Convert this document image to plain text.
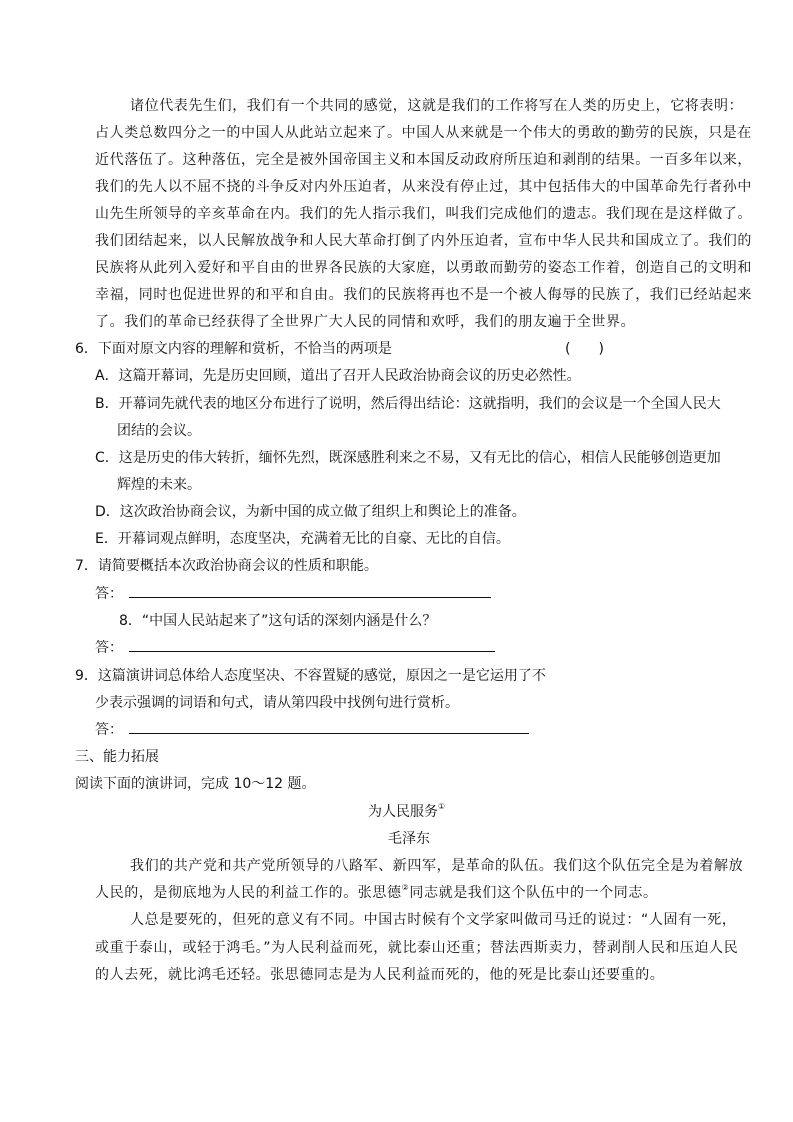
诸位代表先生们，我们有一个共同的感觉，这就是我们的工作将写在人类的历史上，它将表明：
占人类总数四分之一的中国人从此站立起来了。中国人从来就是一个伟大的勇敢的勤劳的民族，只是在
近代落伍了。这种落伍，完全是被外国帝国主义和本国反动政府所压迫和剥削的结果。一百多年以来，
我们的先人以不屈不挠的斗争反对内外压迫者，从来没有停止过，其中包括伟大的中国革命先行者孙中
山先生所领导的辛亥革命在内。我们的先人指示我们，叫我们完成他们的遗志。我们现在是这样做了。
我们团结起来，以人民解放战争和人民大革命打倒了内外压迫者，宣布中华人民共和国成立了。我们的
民族将从此列入爱好和平自由的世界各民族的大家庭，以勇敢而勤劳的姿态工作着，创造自己的文明和
幸福，同时也促进世界的和平和自由。我们的民族将再也不是一个被人侮辱的民族了，我们已经站起来
了。我们的革命已经获得了全世界广大人民的同情和欢呼，我们的朋友遍于全世界。
6．下面对原文内容的理解和赏析，不恰当的两项是	(　　)
A．这篇开幕词，先是历史回顾，道出了召开人民政治协商会议的历史必然性。
B．开幕词先就代表的地区分布进行了说明，然后得出结论：这就指明，我们的会议是一个全国人民大
团结的会议。
C．这是历史的伟大转折，缅怀先烈，既深感胜利来之不易，又有无比的信心，相信人民能够创造更加
辉煌的未来。
D．这次政治协商会议，为新中国的成立做了组织上和舆论上的准备。
E．开幕词观点鲜明，态度坚决，充满着无比的自豪、无比的自信。
7．请简要概括本次政治协商会议的性质和职能。
答：
8．“中国人民站起来了”这句话的深刻内涵是什么？
答：
9．这篇演讲词总体给人态度坚决、不容置疑的感觉，原因之一是它运用了不
少表示强调的词语和句式，请从第四段中找例句进行赏析。
答：
三、能力拓展
阅读下面的演讲词，完成 10～12 题。
为人民服务①
毛泽东
我们的共产党和共产党所领导的八路军、新四军，是革命的队伍。我们这个队伍完全是为着解放
人民的，是彻底地为人民的利益工作的。张思德②同志就是我们这个队伍中的一个同志。
人总是要死的，但死的意义有不同。中国古时候有个文学家叫做司马迁的说过：“人固有一死，
或重于泰山，或轻于鸿毛。”为人民利益而死，就比泰山还重；替法西斯卖力，替剥削人民和压迫人民
的人去死，就比鸿毛还轻。张思德同志是为人民利益而死的，他的死是比泰山还要重的。
